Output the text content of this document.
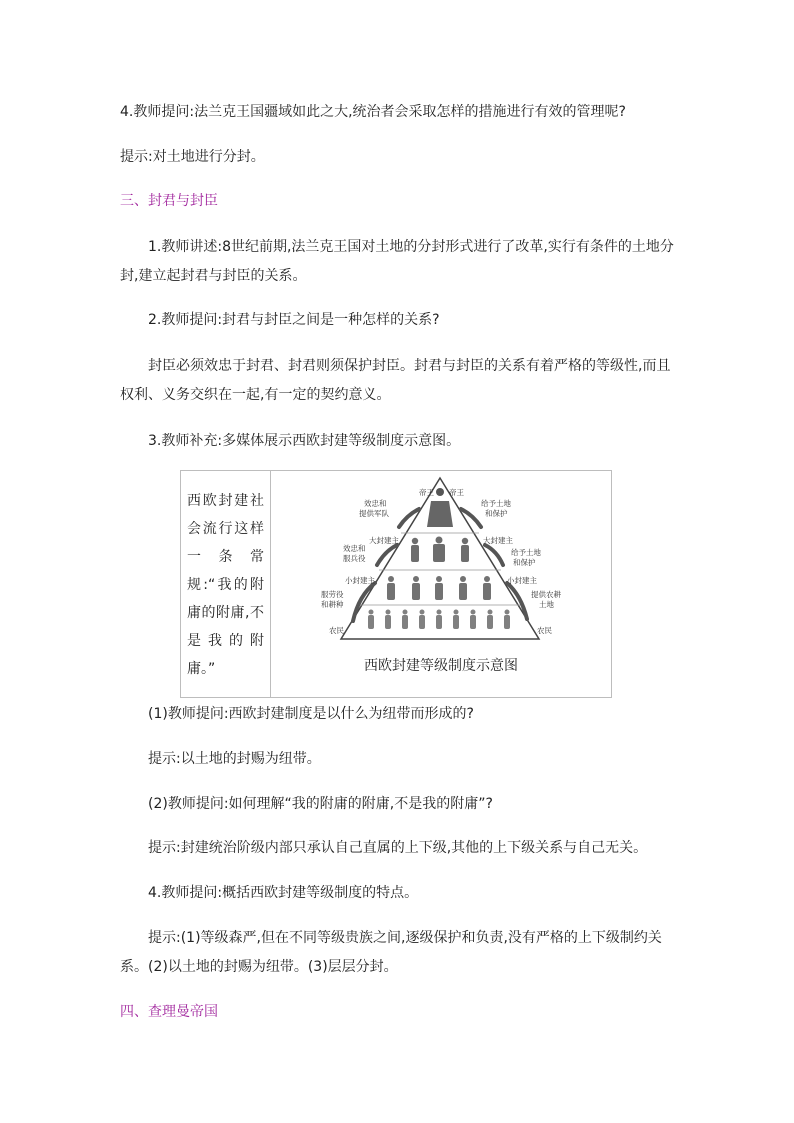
4.教师提问:法兰克王国疆域如此之大,统治者会采取怎样的措施进行有效的管理呢?

提示:对土地进行分封。

三、封君与封臣

1.教师讲述:8世纪前期,法兰克王国对土地的分封形式进行了改革,实行有条件的土地分封,建立起封君与封臣的关系。

2.教师提问:封君与封臣之间是一种怎样的关系?

封臣必须效忠于封君、封君则须保护封臣。封君与封臣的关系有着严格的等级性,而且权利、义务交织在一起,有一定的契约意义。

3.教师补充:多媒体展示西欧封建等级制度示意图。

西欧封建社会流行这样一条常规:“我的附庸的附庸,不是我的附庸。”
帝王 帝王
效忠和
提供军队
给予土地
和保护
大封建主	大封建主
效忠和
服兵役
给予土地
和保护
小封建主	小封建主
服劳役
和耕种
提供农耕
土地
农民	农民
西欧封建等级制度示意图

(1)教师提问:西欧封建制度是以什么为纽带而形成的?

提示:以土地的封赐为纽带。

(2)教师提问:如何理解“我的附庸的附庸,不是我的附庸”?

提示:封建统治阶级内部只承认自己直属的上下级,其他的上下级关系与自己无关。

4.教师提问:概括西欧封建等级制度的特点。

提示:(1)等级森严,但在不同等级贵族之间,逐级保护和负责,没有严格的上下级制约关系。(2)以土地的封赐为纽带。(3)层层分封。

四、查理曼帝国
